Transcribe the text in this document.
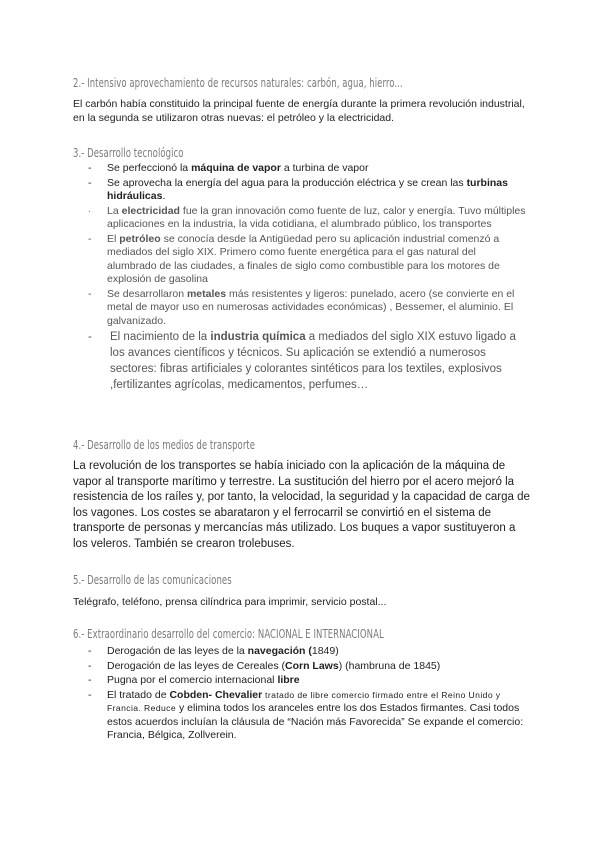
2.- Intensivo aprovechamiento de recursos naturales: carbón, agua, hierro...
El carbón había constituido la principal fuente de energía durante la primera revolución industrial, en la segunda se utilizaron otras nuevas: el petróleo y la electricidad.
3.- Desarrollo tecnológico
- Se perfeccionó la máquina de vapor a turbina de vapor
- Se aprovecha la energía del agua para la producción eléctrica y se crean las turbinas hidráulicas.
· La electricidad fue la gran innovación como fuente de luz, calor y energía. Tuvo múltiples aplicaciones en la industria, la vida cotidiana, el alumbrado público, los transportes
- El petróleo se conocía desde la Antigüedad pero su aplicación industrial comenzó a mediados del siglo XIX. Primero como fuente energética para el gas natural del alumbrado de las ciudades, a finales de siglo como combustible para los motores de explosión de gasolina
- Se desarrollaron metales más resistentes y ligeros: punelado, acero (se convierte en el metal de mayor uso en numerosas actividades económicas) , Bessemer, el aluminio. El galvanizado.
- El nacimiento de la industria química a mediados del siglo XIX estuvo ligado a los avances científicos y técnicos. Su aplicación se extendió a numerosos sectores: fibras artificiales y colorantes sintéticos para los textiles, explosivos ,fertilizantes agrícolas, medicamentos, perfumes…
4.- Desarrollo de los medios de transporte
La revolución de los transportes se había iniciado con la aplicación de la máquina de vapor al transporte marítimo y terrestre. La sustitución del hierro por el acero mejoró la resistencia de los raíles y, por tanto, la velocidad, la seguridad y la capacidad de carga de los vagones. Los costes se abarataron y el ferrocarril se convirtió en el sistema de transporte de personas y mercancías más utilizado. Los buques a vapor sustituyeron a los veleros. También se crearon trolebuses.
5.- Desarrollo de las comunicaciones
Telégrafo, teléfono, prensa cilíndrica para imprimir, servicio postal...
6.- Extraordinario desarrollo del comercio: NACIONAL E INTERNACIONAL
- Derogación de las leyes de la navegación (1849)
- Derogación de las leyes de Cereales (Corn Laws) (hambruna de 1845)
- Pugna por el comercio internacional libre
- El tratado de Cobden- Chevalier tratado de libre comercio firmado entre el Reino Unido y Francia. Reduce y elimina todos los aranceles entre los dos Estados firmantes. Casi todos estos acuerdos incluían la cláusula de “Nación más Favorecida” Se expande el comercio: Francia, Bélgica, Zollverein.
